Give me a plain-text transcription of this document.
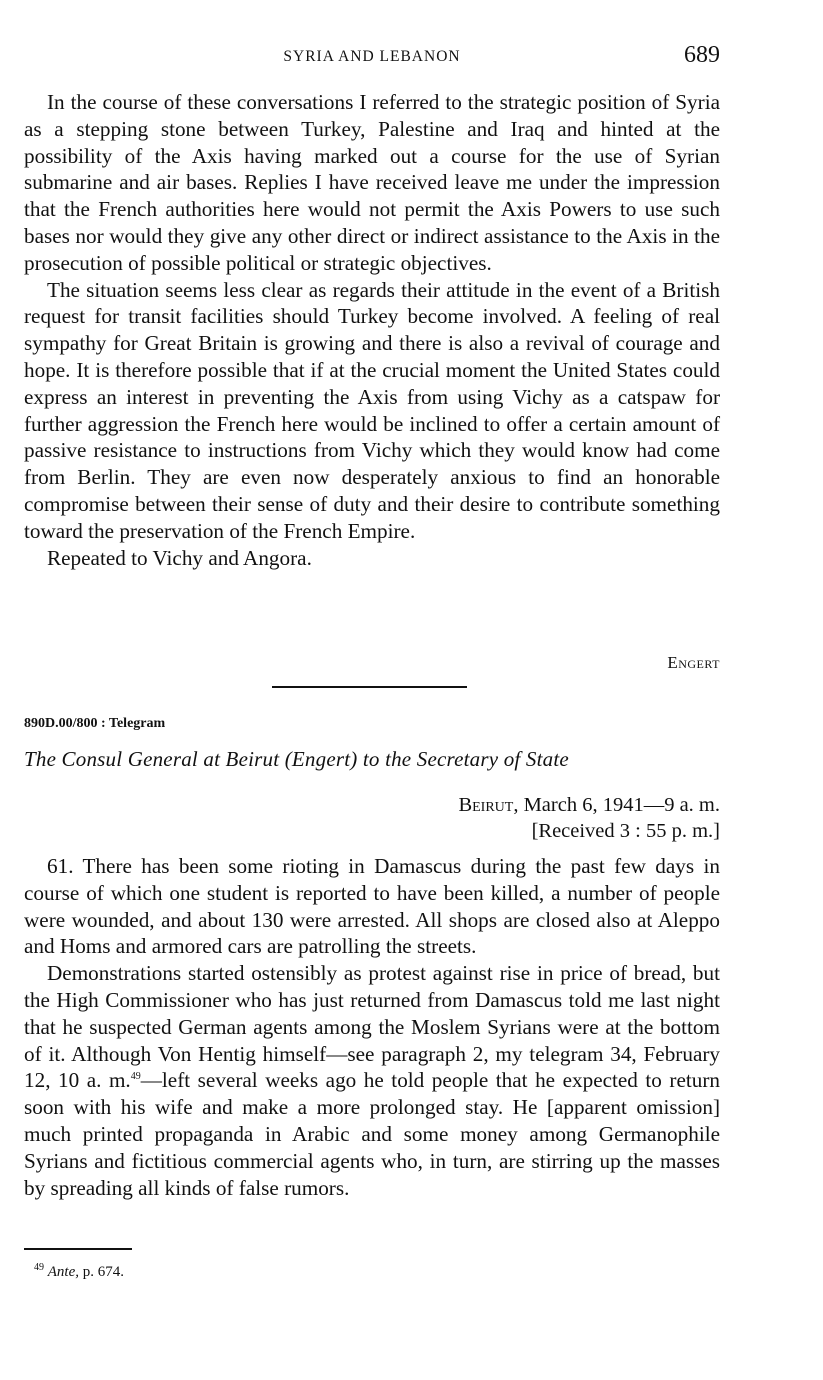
SYRIA AND LEBANON	689

In the course of these conversations I referred to the strategic position of Syria as a stepping stone between Turkey, Palestine and Iraq and hinted at the possibility of the Axis having marked out a course for the use of Syrian submarine and air bases. Replies I have received leave me under the impression that the French authorities here would not permit the Axis Powers to use such bases nor would they give any other direct or indirect assistance to the Axis in the prosecution of possible political or strategic objectives.

The situation seems less clear as regards their attitude in the event of a British request for transit facilities should Turkey become involved. A feeling of real sympathy for Great Britain is growing and there is also a revival of courage and hope. It is therefore possible that if at the crucial moment the United States could express an interest in preventing the Axis from using Vichy as a catspaw for further aggression the French here would be inclined to offer a certain amount of passive resistance to instructions from Vichy which they would know had come from Berlin. They are even now desperately anxious to find an honorable compromise between their sense of duty and their desire to contribute something toward the preservation of the French Empire.

Repeated to Vichy and Angora.

Engert
890D.00/800 : Telegram
The Consul General at Beirut (Engert) to the Secretary of State
Beirut, March 6, 1941—9 a. m.
[Received 3 : 55 p. m.]

61. There has been some rioting in Damascus during the past few days in course of which one student is reported to have been killed, a number of people were wounded, and about 130 were arrested. All shops are closed also at Aleppo and Homs and armored cars are patrolling the streets.

Demonstrations started ostensibly as protest against rise in price of bread, but the High Commissioner who has just returned from Damascus told me last night that he suspected German agents among the Moslem Syrians were at the bottom of it. Although Von Hentig himself—see paragraph 2, my telegram 34, February 12, 10 a. m.$^{49}$—left several weeks ago he told people that he expected to return soon with his wife and make a more prolonged stay. He [apparent omission] much printed propaganda in Arabic and some money among Germanophile Syrians and fictitious commercial agents who, in turn, are stirring up the masses by spreading all kinds of false rumors.

$^{49}$ Ante, p. 674.
